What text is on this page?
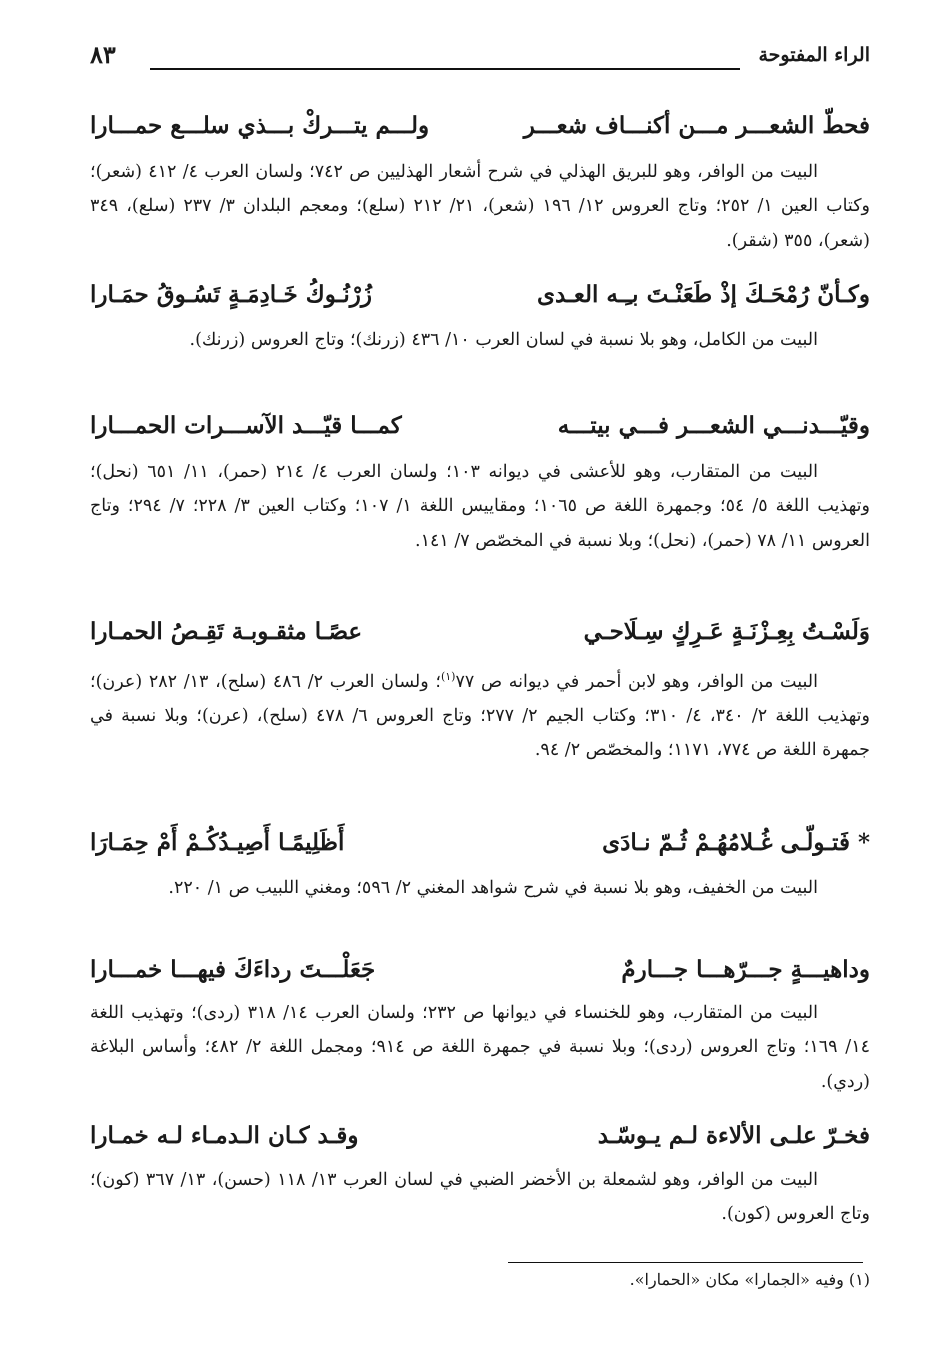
الراء المفتوحة
٨٣
فحطّ الشعـــر مـــن أكنـــاف شعـــر
ولـــم يتـــركْ بـــذي سلـــع حمـــارا
البيت من الوافر، وهو للبريق الهذلي في شرح أشعار الهذليين ص ٧٤٢؛ ولسان العرب ٤/ ٤١٢ (شعر)؛ وكتاب العين ١/ ٢٥٢؛ وتاج العروس ١٢/ ١٩٦ (شعر)، ٢١/ ٢١٢ (سلع)؛ ومعجم البلدان ٣/ ٢٣٧ (سلع)، ٣٤٩ (شعر)، ٣٥٥ (شقر).
وكـأنّ رُمْحَـكَ إذْ طَعَنْـتَ بـِـه العـدى
زُرْنُـوكُ خَـادِمَـةٍ تَسُـوقُ حمَـارا
البيت من الكامل، وهو بلا نسبة في لسان العرب ١٠/ ٤٣٦ (زرنك)؛ وتاج العروس (زرنك).
وقيّـــدنـــي الشعـــر فـــي بيتـــه
كمـــا قيّـــد الآســـرات الحمـــارا
البيت من المتقارب، وهو للأعشى في ديوانه ١٠٣؛ ولسان العرب ٤/ ٢١٤ (حمر)، ١١/ ٦٥١ (نحل)؛ وتهذيب اللغة ٥/ ٥٤؛ وجمهرة اللغة ص ١٠٦٥؛ ومقاييس اللغة ١/ ١٠٧؛ وكتاب العين ٣/ ٢٢٨؛ ٧/ ٢٩٤؛ وتاج العروس ١١/ ٧٨ (حمر)، (نحل)؛ وبلا نسبة في المخصّص ٧/ ١٤١.
وَلَسْـتُ بِعِـزْنَـةٍ عَـرِكٍ سِـلَاحـي
عصًـا مثقـوبـة تَقِـصُ الحمـارا
البيت من الوافر، وهو لابن أحمر في ديوانه ص ٧٧$^{(١)}$؛ ولسان العرب ٢/ ٤٨٦ (سلح)، ١٣/ ٢٨٢ (عرن)؛ وتهذيب اللغة ٢/ ٣٤٠، ٤/ ٣١٠؛ وكتاب الجيم ٢/ ٢٧٧؛ وتاج العروس ٦/ ٤٧٨ (سلح)، (عرن)؛ وبلا نسبة في جمهرة اللغة ص ٧٧٤، ١١٧١؛ والمخصّص ٢/ ٩٤.
* فَتـولّـى غُـلامُهُـمْ ثُـمّ نـادَى
أَظَلِيمًـا أَصِيـدُكُـمْ أَمْ حِمَـارَا
البيت من الخفيف، وهو بلا نسبة في شرح شواهد المغني ٢/ ٥٩٦؛ ومغني اللبيب ص ١/ ٢٢٠.
وداهيـــةٍ جـــرّهـــا جـــارمٌ
جَعَلْـــتَ رداءَكَ فيهـــا خمـــارا
البيت من المتقارب، وهو للخنساء في ديوانها ص ٢٣٢؛ ولسان العرب ١٤/ ٣١٨ (ردى)؛ وتهذيب اللغة ١٤/ ١٦٩؛ وتاج العروس (ردى)؛ وبلا نسبة في جمهرة اللغة ص ٩١٤؛ ومجمل اللغة ٢/ ٤٨٢؛ وأساس البلاغة (ردي).
فخـرّ علـى الألاءة لـم يـوسّـد
وقـد كـان الـدمـاء لـه خمـارا
البيت من الوافر، وهو لشمعلة بن الأخضر الضبي في لسان العرب ١٣/ ١١٨ (حسن)، ١٣/ ٣٦٧ (كون)؛ وتاج العروس (كون).
(١) وفيه «الجمارا» مكان «الحمارا».
